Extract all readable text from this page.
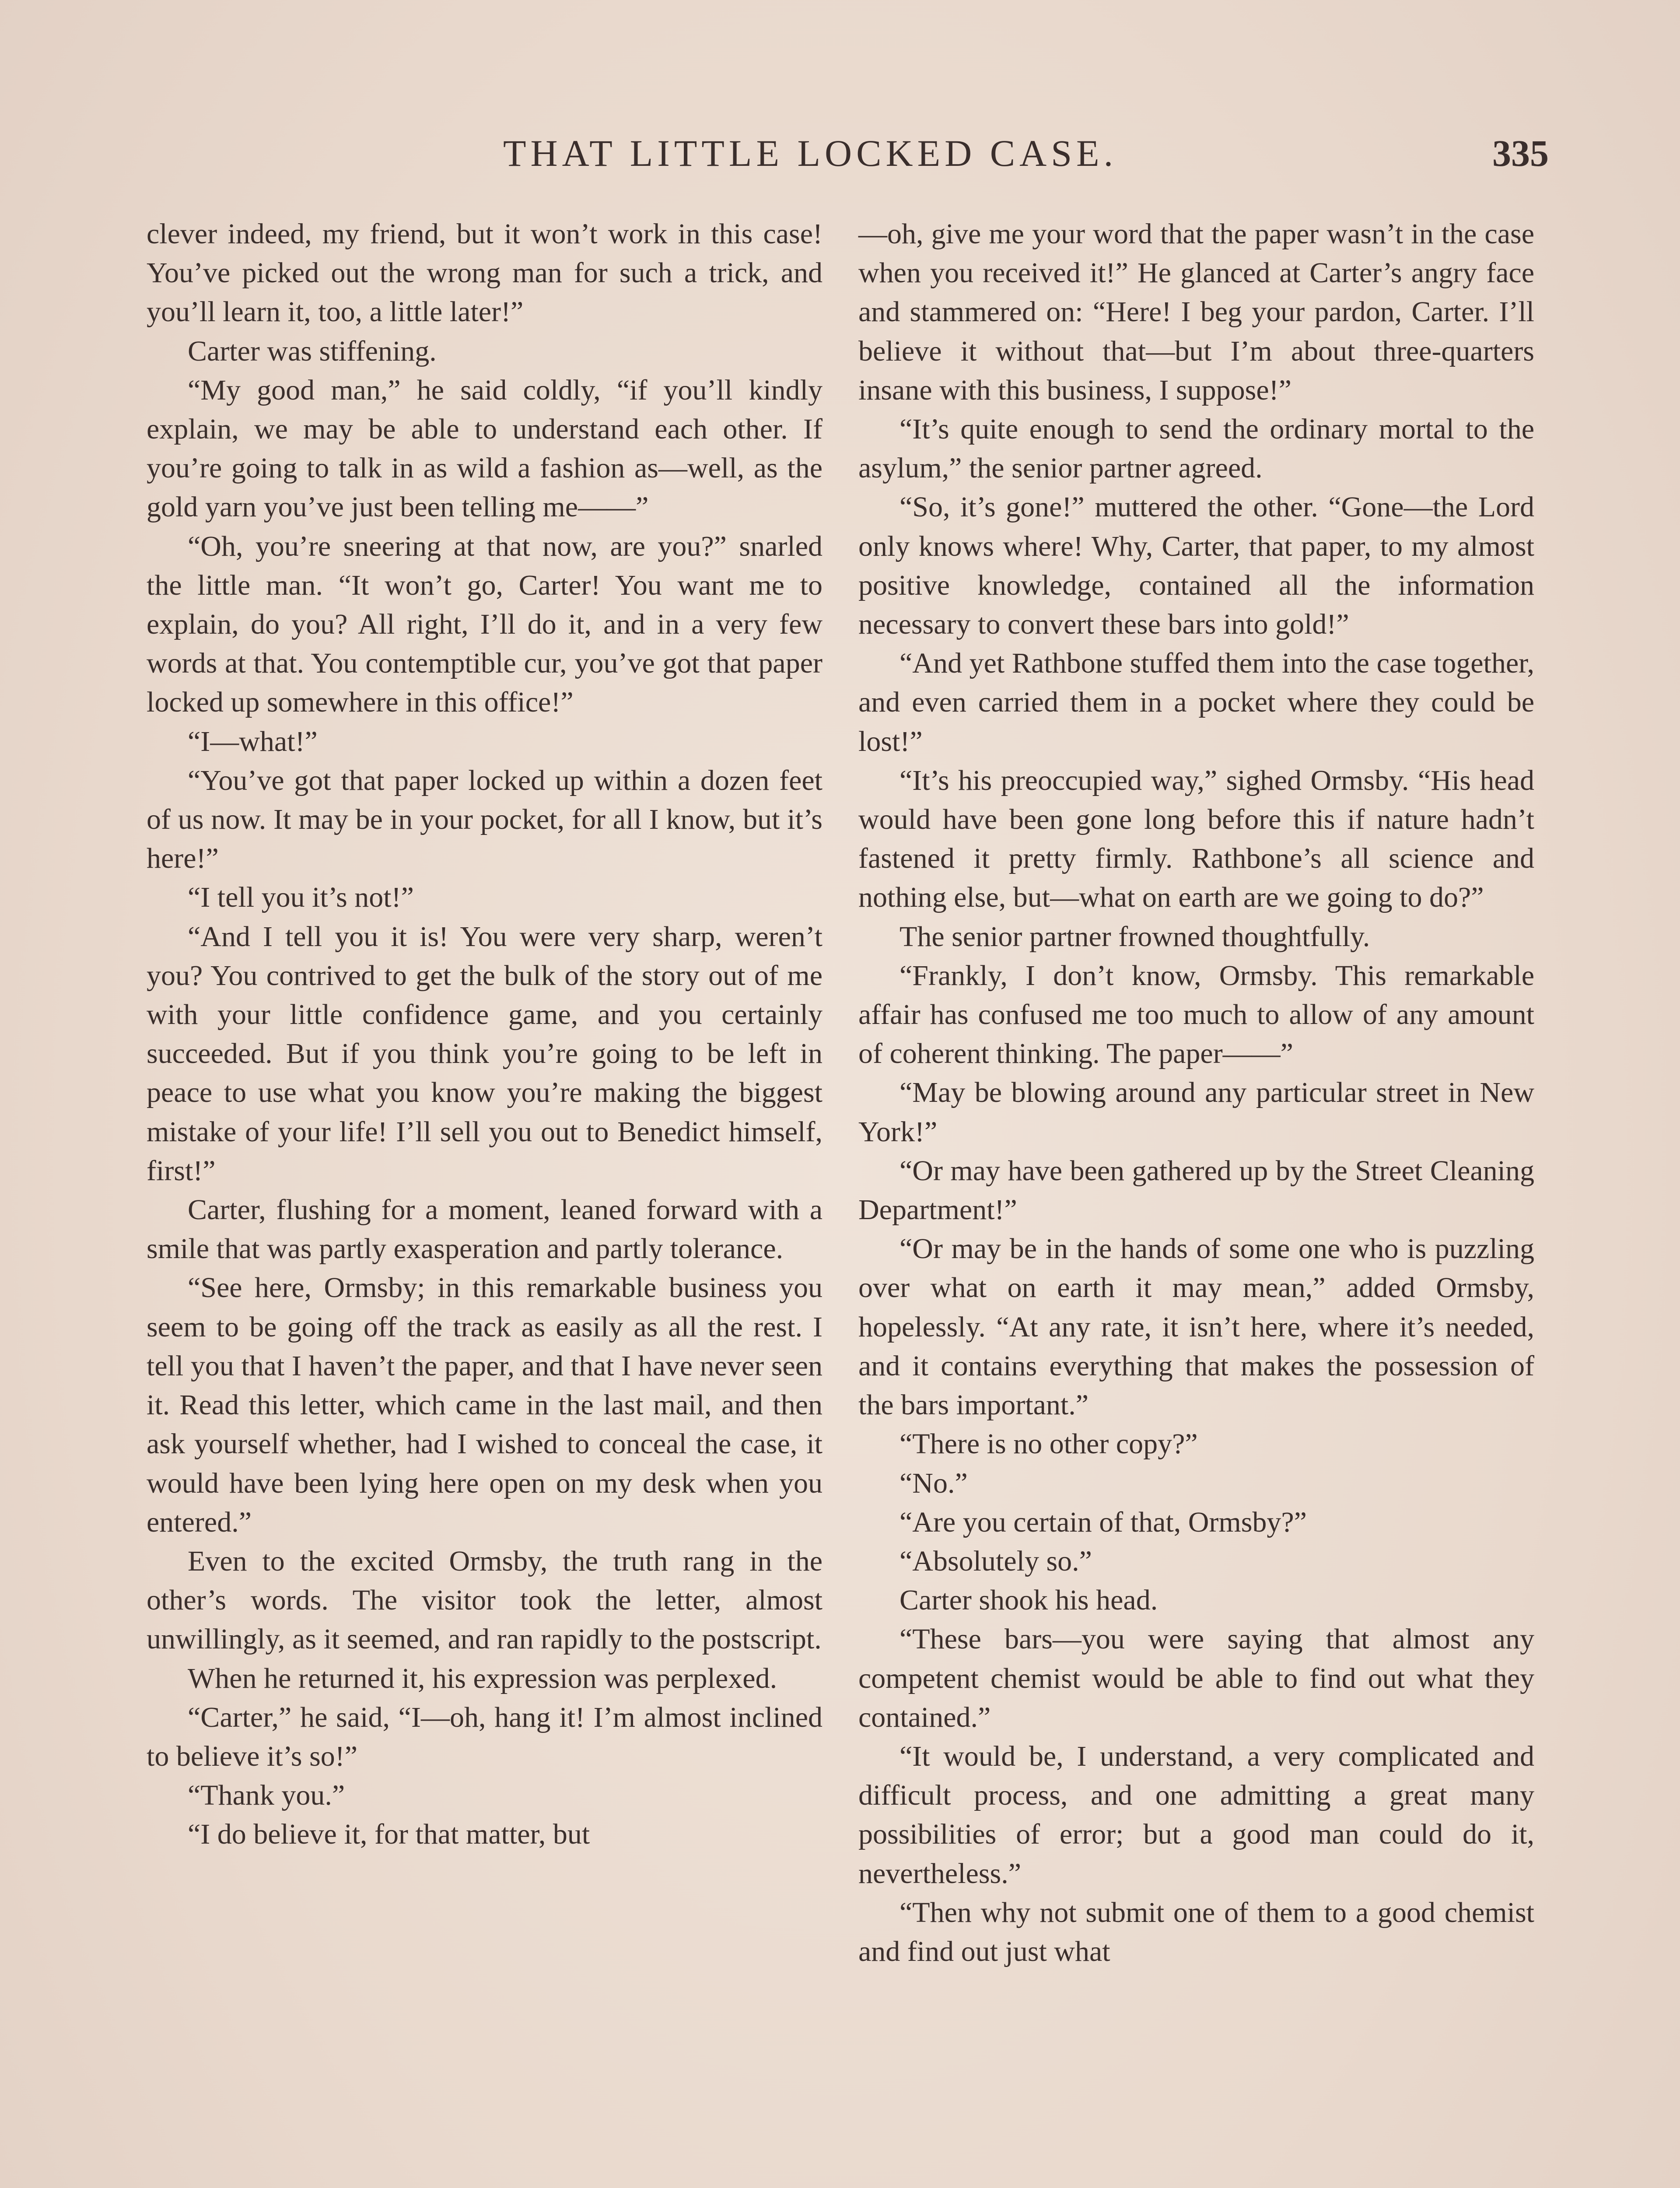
THAT LITTLE LOCKED CASE.	335

clever indeed, my friend, but it won’t work in this case! You’ve picked out the wrong man for such a trick, and you’ll learn it, too, a little later!”

Carter was stiffening.

“My good man,” he said coldly, “if you’ll kindly explain, we may be able to understand each other. If you’re going to talk in as wild a fashion as—well, as the gold yarn you’ve just been telling me——”

“Oh, you’re sneering at that now, are you?” snarled the little man. “It won’t go, Carter! You want me to explain, do you? All right, I’ll do it, and in a very few words at that. You contemptible cur, you’ve got that paper locked up somewhere in this office!”

“I—what!”

“You’ve got that paper locked up within a dozen feet of us now. It may be in your pocket, for all I know, but it’s here!”

“I tell you it’s not!”

“And I tell you it is! You were very sharp, weren’t you? You contrived to get the bulk of the story out of me with your little confidence game, and you certainly succeeded. But if you think you’re going to be left in peace to use what you know you’re making the biggest mistake of your life! I’ll sell you out to Benedict himself, first!”

Carter, flushing for a moment, leaned forward with a smile that was partly exasperation and partly tolerance.

“See here, Ormsby; in this remarkable business you seem to be going off the track as easily as all the rest. I tell you that I haven’t the paper, and that I have never seen it. Read this letter, which came in the last mail, and then ask yourself whether, had I wished to conceal the case, it would have been lying here open on my desk when you entered.”

Even to the excited Ormsby, the truth rang in the other’s words. The visitor took the letter, almost unwillingly, as it seemed, and ran rapidly to the postscript.

When he returned it, his expression was perplexed.

“Carter,” he said, “I—oh, hang it! I’m almost inclined to believe it’s so!”

“Thank you.”

“I do believe it, for that matter, but

—oh, give me your word that the paper wasn’t in the case when you received it!” He glanced at Carter’s angry face and stammered on: “Here! I beg your pardon, Carter. I’ll believe it without that—but I’m about three-quarters insane with this business, I suppose!”

“It’s quite enough to send the ordinary mortal to the asylum,” the senior partner agreed.

“So, it’s gone!” muttered the other. “Gone—the Lord only knows where! Why, Carter, that paper, to my almost positive knowledge, contained all the information necessary to convert these bars into gold!”

“And yet Rathbone stuffed them into the case together, and even carried them in a pocket where they could be lost!”

“It’s his preoccupied way,” sighed Ormsby. “His head would have been gone long before this if nature hadn’t fastened it pretty firmly. Rathbone’s all science and nothing else, but—what on earth are we going to do?”

The senior partner frowned thoughtfully.

“Frankly, I don’t know, Ormsby. This remarkable affair has confused me too much to allow of any amount of coherent thinking. The paper——”

“May be blowing around any particular street in New York!”

“Or may have been gathered up by the Street Cleaning Department!”

“Or may be in the hands of some one who is puzzling over what on earth it may mean,” added Ormsby, hopelessly. “At any rate, it isn’t here, where it’s needed, and it contains everything that makes the possession of the bars important.”

“There is no other copy?”

“No.”

“Are you certain of that, Ormsby?”

“Absolutely so.”

Carter shook his head.

“These bars—you were saying that almost any competent chemist would be able to find out what they contained.”

“It would be, I understand, a very complicated and difficult process, and one admitting a great many possibilities of error; but a good man could do it, nevertheless.”

“Then why not submit one of them to a good chemist and find out just what
